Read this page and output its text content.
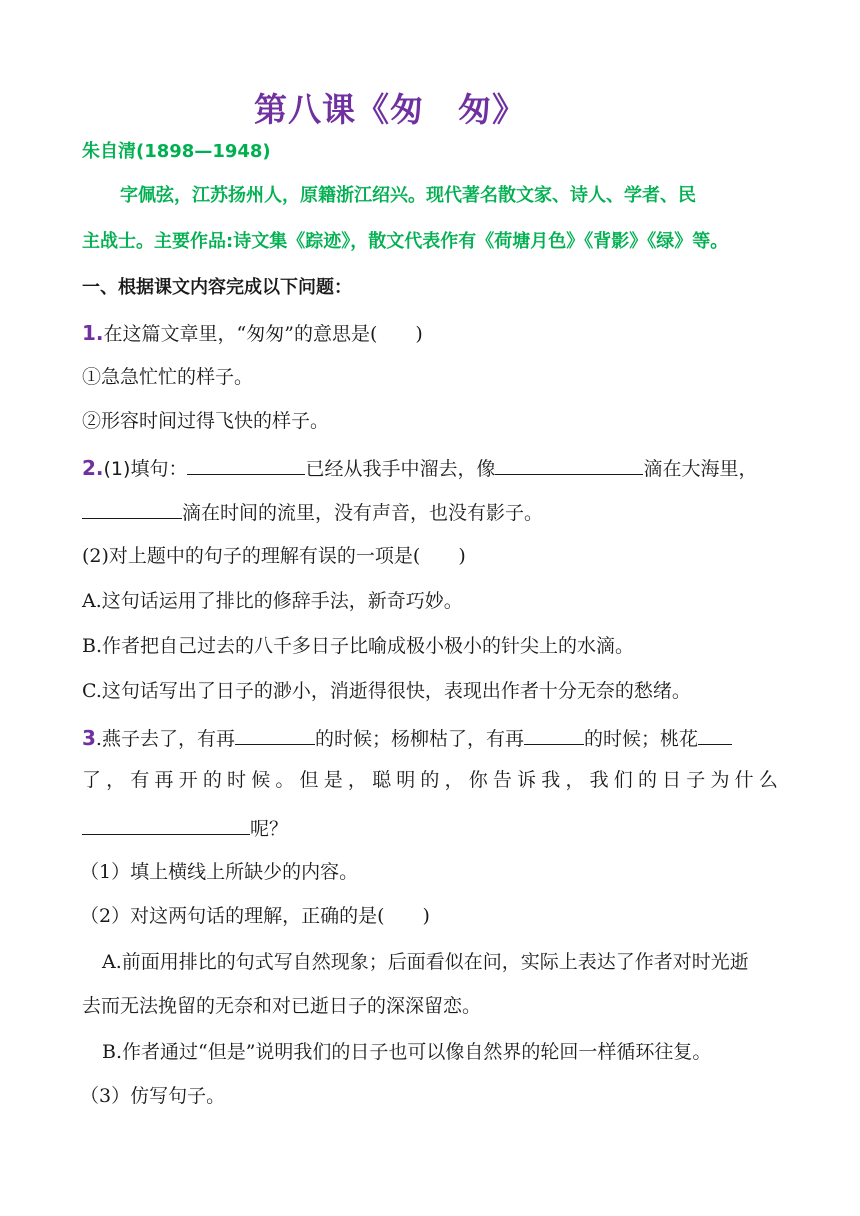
第八课《匆　匆》
朱自清(1898—1948)
字佩弦，江苏扬州人，原籍浙江绍兴。现代著名散文家、诗人、学者、民
主战士。主要作品:诗文集《踪迹》，散文代表作有《荷塘月色》《背影》《绿》等。
一、根据课文内容完成以下问题：
1.在这篇文章里，“匆匆”的意思是(　　)
①急急忙忙的样子。
②形容时间过得飞快的样子。
2.(1)填句：	已经从我手中溜去，像	滴在大海里，
滴在时间的流里，没有声音，也没有影子。
(2)对上题中的句子的理解有误的一项是(　　)
A.这句话运用了排比的修辞手法，新奇巧妙。
B.作者把自己过去的八千多日子比喻成极小极小的针尖上的水滴。
C.这句话写出了日子的渺小，消逝得很快，表现出作者十分无奈的愁绪。
3.燕子去了，有再	的时候；杨柳枯了，有再	的时候；桃花
了 ， 有 再 开 的 时 候 。 但 是 ， 聪 明 的 ， 你 告 诉 我 ， 我 们 的 日 子 为 什 么
呢？
（1）填上横线上所缺少的内容。
（2）对这两句话的理解，正确的是(　　)
A.前面用排比的句式写自然现象；后面看似在问，实际上表达了作者对时光逝
去而无法挽留的无奈和对已逝日子的深深留恋。
B.作者通过“但是”说明我们的日子也可以像自然界的轮回一样循环往复。
（3）仿写句子。
